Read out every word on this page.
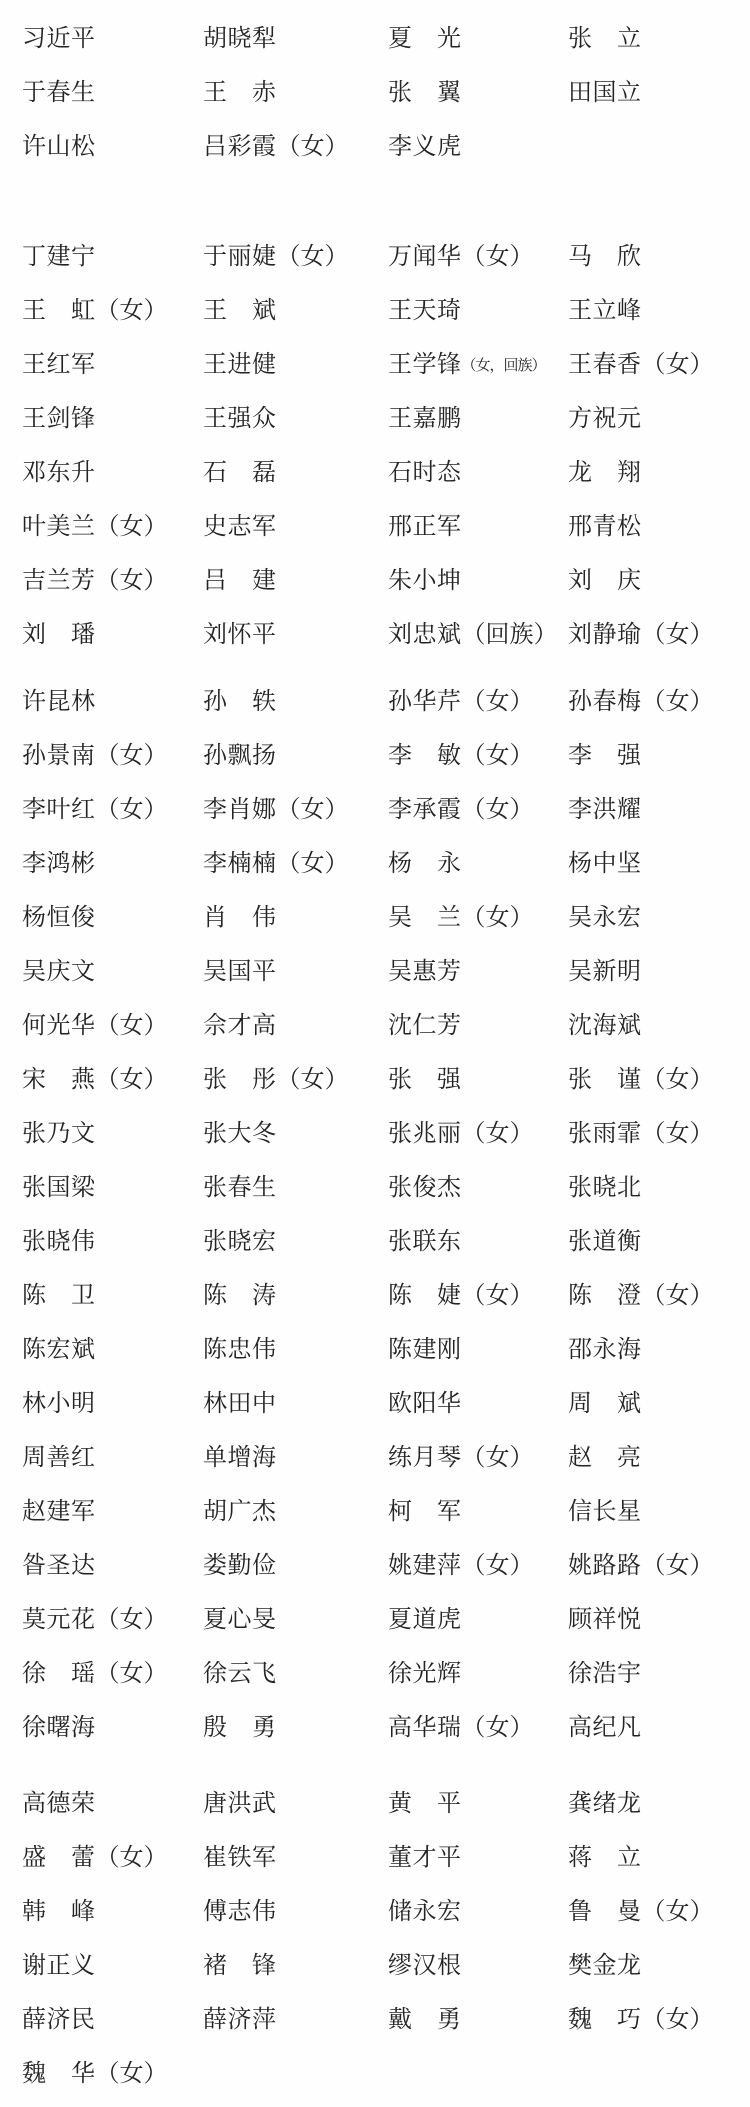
习近平	胡晓犁	夏　光	张　立
于春生	王　赤	张　翼	田国立
许山松	吕彩霞（女） 李义虎
丁建宁	于丽婕（女） 万闻华（女） 马　欣
王　虹（女） 王　斌	王天琦	王立峰
王红军	王进健	王学锋（女，回族） 王春香（女）
王剑锋	王强众	王嘉鹏	方祝元
邓东升	石　磊	石时态	龙　翔
叶美兰（女） 史志军	邢正军	邢青松
吉兰芳（女） 吕　建	朱小坤	刘　庆
刘　璠	刘怀平	刘忠斌（回族） 刘静瑜（女）
许昆林	孙　轶	孙华芹（女） 孙春梅（女）
孙景南（女） 孙飘扬	李　敏（女） 李　强
李叶红（女） 李肖娜（女） 李承霞（女） 李洪耀
李鸿彬	李楠楠（女） 杨　永	杨中坚
杨恒俊	肖　伟	吴　兰（女） 吴永宏
吴庆文	吴国平	吴惠芳	吴新明
何光华（女） 佘才高	沈仁芳	沈海斌
宋　燕（女） 张　彤（女） 张　强	张　谨（女）
张乃文	张大冬	张兆丽（女） 张雨霏（女）
张国梁	张春生	张俊杰	张晓北
张晓伟	张晓宏	张联东	张道衡
陈　卫	陈　涛	陈　婕（女） 陈　澄（女）
陈宏斌	陈忠伟	陈建刚	邵永海
林小明	林田中	欧阳华	周　斌
周善红	单增海	练月琴（女） 赵　亮
赵建军	胡广杰	柯　军	信长星
昝圣达	娄勤俭	姚建萍（女） 姚路路（女）
莫元花（女） 夏心旻	夏道虎	顾祥悦
徐　瑶（女） 徐云飞	徐光辉	徐浩宇
徐曙海	殷　勇	高华瑞（女） 高纪凡
高德荣	唐洪武	黄　平	龚绪龙
盛　蕾（女） 崔铁军	董才平	蒋　立
韩　峰	傅志伟	储永宏	鲁　曼（女）
谢正义	褚　锋	缪汉根	樊金龙
薛济民	薛济萍	戴　勇	魏　巧（女）
魏　华（女）
